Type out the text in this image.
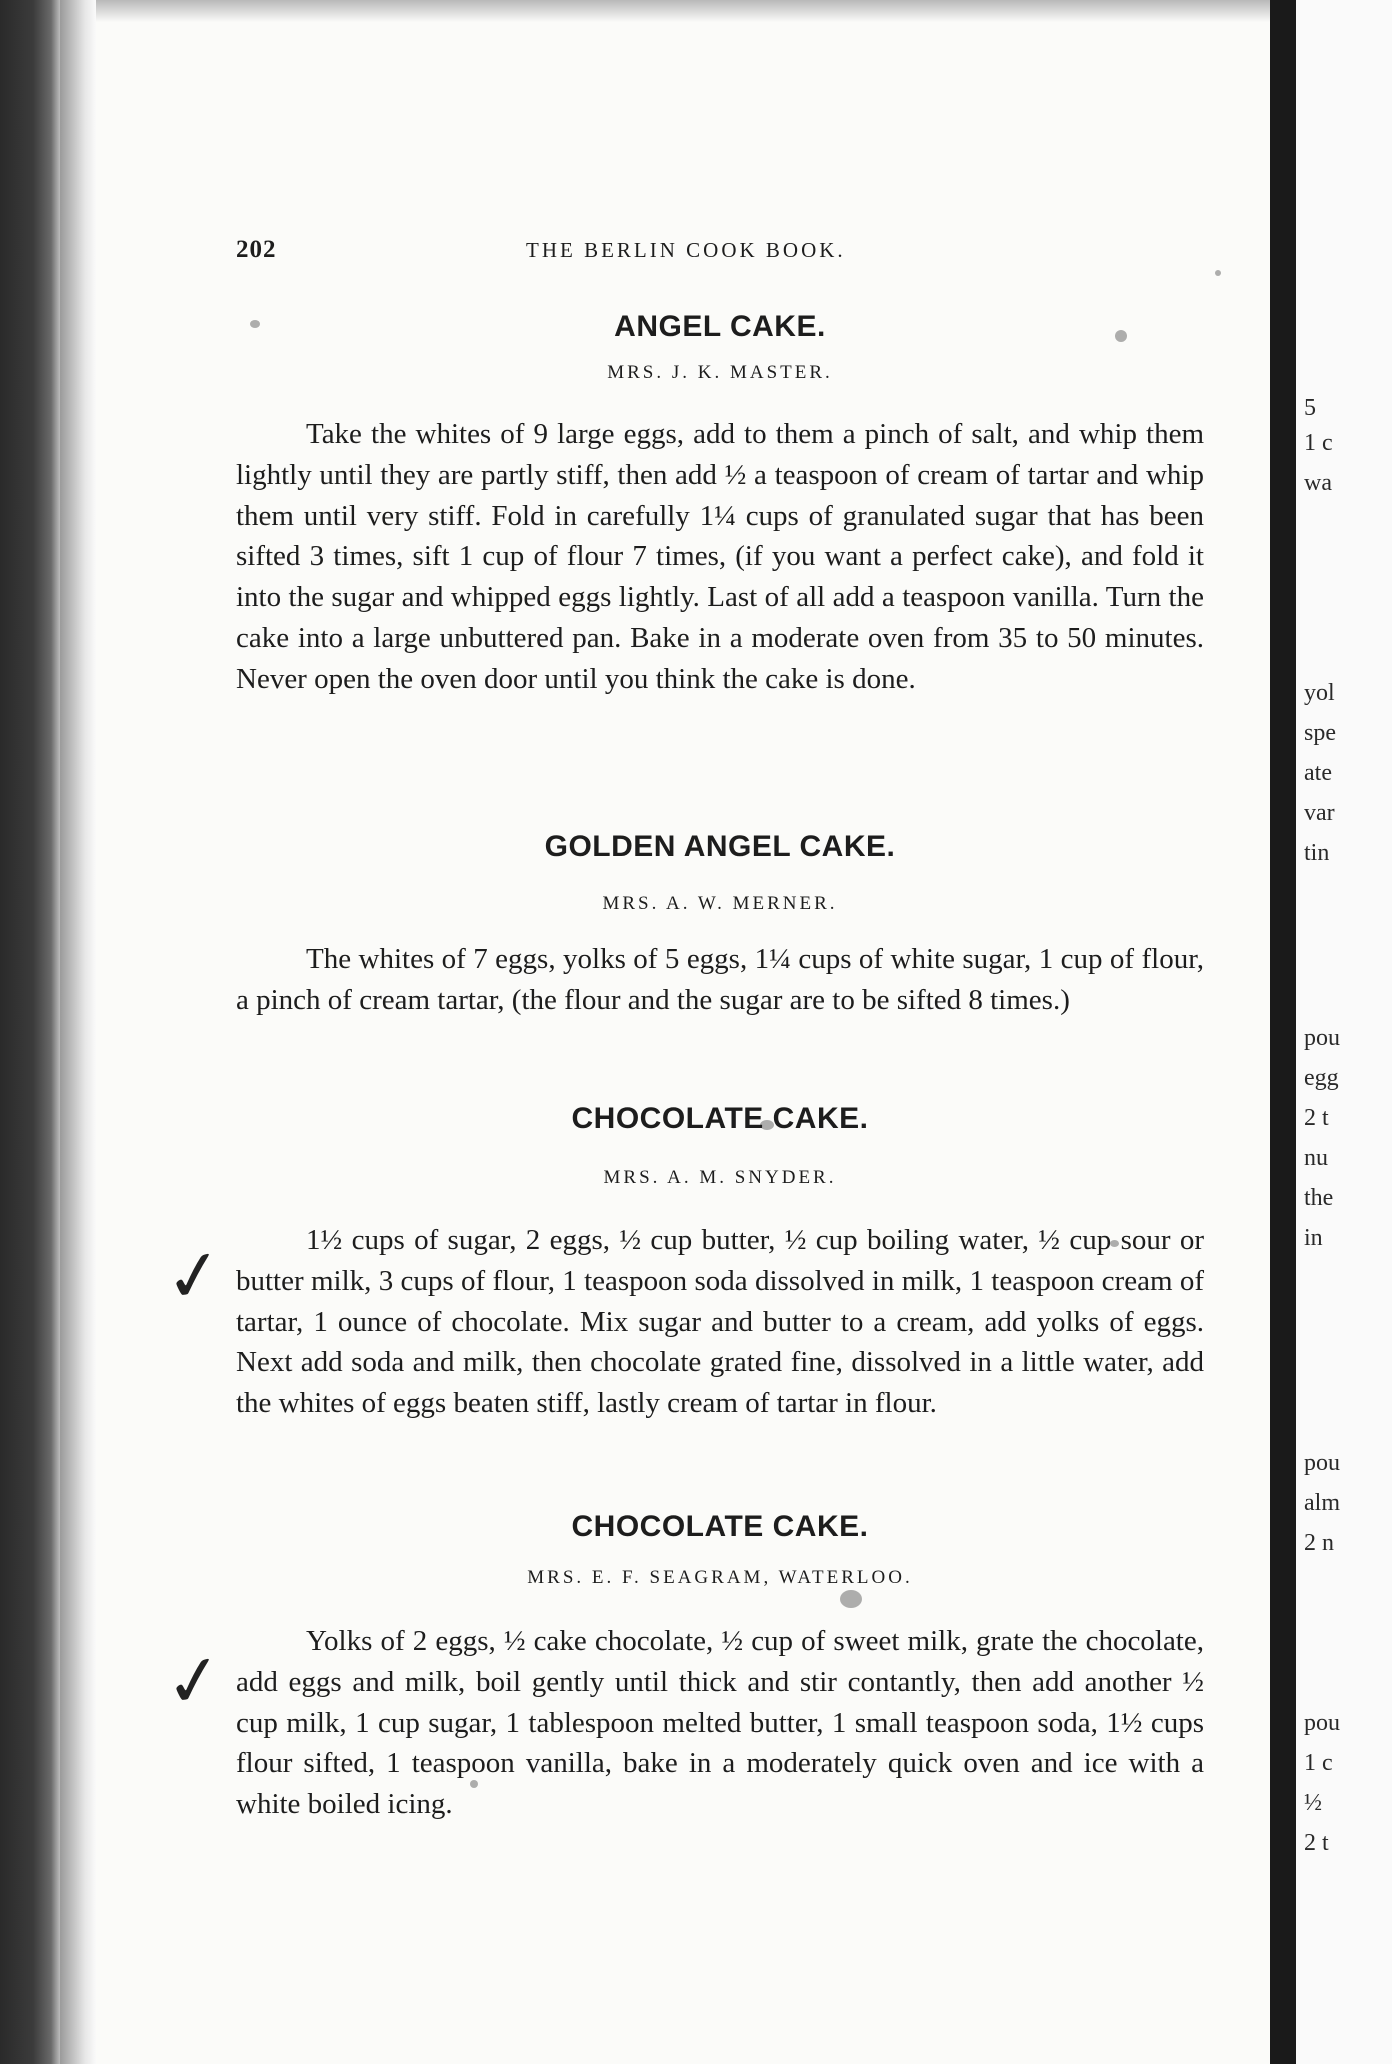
5
1 c
wa
yol
spe
ate
var
tin
pou
egg
2 t
nu
the
in
pou
alm
2 n
pou
1 c
½
2 t
202	THE BERLIN COOK BOOK.
ANGEL CAKE.
MRS. J. K. MASTER.

Take the whites of 9 large eggs, add to them a pinch of salt, and whip them lightly until they are partly stiff, then add ½ a teaspoon of cream of tartar and whip them until very stiff. Fold in carefully 1¼ cups of granulated sugar that has been sifted 3 times, sift 1 cup of flour 7 times, (if you want a perfect cake), and fold it into the sugar and whipped eggs lightly. Last of all add a teaspoon vanilla. Turn the cake into a large unbuttered pan. Bake in a moderate oven from 35 to 50 minutes. Never open the oven door until you think the cake is done.

GOLDEN ANGEL CAKE.
MRS. A. W. MERNER.

The whites of 7 eggs, yolks of 5 eggs, 1¼ cups of white sugar, 1 cup of flour, a pinch of cream tartar, (the flour and the sugar are to be sifted 8 times.)

CHOCOLATE CAKE.
MRS. A. M. SNYDER.

1½ cups of sugar, 2 eggs, ½ cup butter, ½ cup boiling water, ½ cup sour or butter milk, 3 cups of flour, 1 teaspoon soda dissolved in milk, 1 teaspoon cream of tartar, 1 ounce of chocolate. Mix sugar and butter to a cream, add yolks of eggs. Next add soda and milk, then chocolate grated fine, dissolved in a little water, add the whites of eggs beaten stiff, lastly cream of tartar in flour.

✓
CHOCOLATE CAKE.
MRS. E. F. SEAGRAM, WATERLOO.

Yolks of 2 eggs, ½ cake chocolate, ½ cup of sweet milk, grate the chocolate, add eggs and milk, boil gently until thick and stir contantly, then add another ½ cup milk, 1 cup sugar, 1 tablespoon melted butter, 1 small teaspoon soda, 1½ cups flour sifted, 1 teaspoon vanilla, bake in a moderately quick oven and ice with a white boiled icing.

✓
